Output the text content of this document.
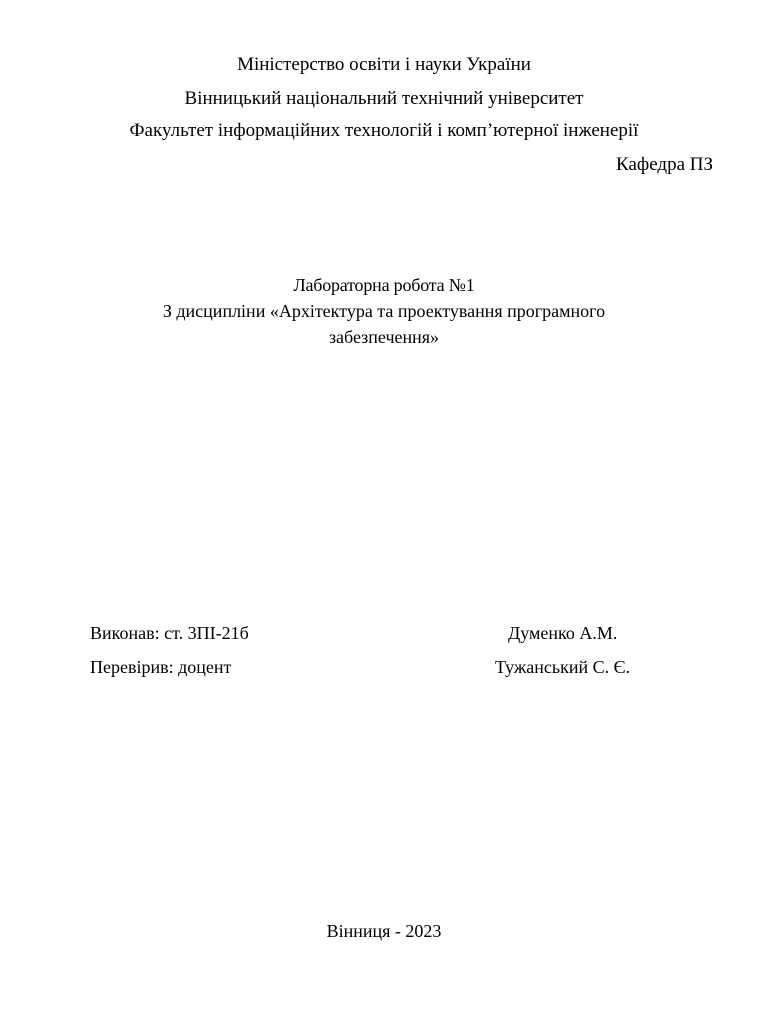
Міністерство освіти і науки України
Вінницький національний технічний університет
Факультет інформаційних технологій і комп’ютерної інженерії
Кафедра ПЗ
Лабораторна робота №1
З дисципліни «Архітектура та проектування програмного
забезпечення»
Виконав: ст. 3ПІ-21б	Думенко А.М.
Перевірив: доцент	Тужанський С. Є.
Вінниця - 2023
